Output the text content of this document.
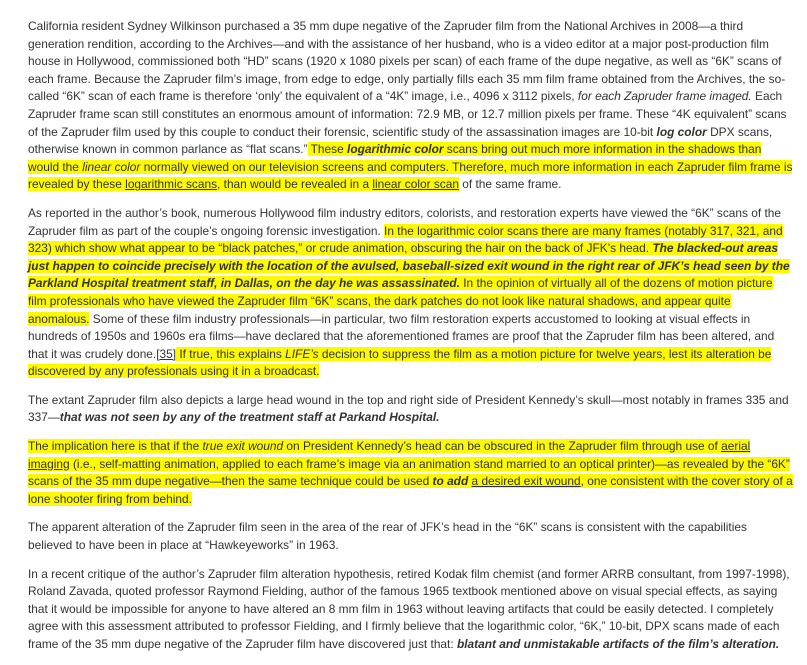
California resident Sydney Wilkinson purchased a 35 mm dupe negative of the Zapruder film from the National Archives in 2008—a third generation rendition, according to the Archives—and with the assistance of her husband, who is a video editor at a major post-production film house in Hollywood, commissioned both “HD” scans (1920 x 1080 pixels per scan) of each frame of the dupe negative, as well as “6K” scans of each frame. Because the Zapruder film’s image, from edge to edge, only partially fills each 35 mm film frame obtained from the Archives, the so-called “6K” scan of each frame is therefore ‘only’ the equivalent of a “4K” image, i.e., 4096 x 3112 pixels, for each Zapruder frame imaged. Each Zapruder frame scan still constitutes an enormous amount of information: 72.9 MB, or 12.7 million pixels per frame. These “4K equivalent” scans of the Zapruder film used by this couple to conduct their forensic, scientific study of the assassination images are 10-bit log color DPX scans, otherwise known in common parlance as “flat scans.” These logarithmic color scans bring out much more information in the shadows than would the linear color normally viewed on our television screens and computers. Therefore, much more information in each Zapruder film frame is revealed by these logarithmic scans, than would be revealed in a linear color scan of the same frame.

As reported in the author’s book, numerous Hollywood film industry editors, colorists, and restoration experts have viewed the “6K” scans of the Zapruder film as part of the couple’s ongoing forensic investigation. In the logarithmic color scans there are many frames (notably 317, 321, and 323) which show what appear to be “black patches,” or crude animation, obscuring the hair on the back of JFK’s head. The blacked-out areas just happen to coincide precisely with the location of the avulsed, baseball-sized exit wound in the right rear of JFK’s head seen by the Parkland Hospital treatment staff, in Dallas, on the day he was assassinated. In the opinion of virtually all of the dozens of motion picture film professionals who have viewed the Zapruder film “6K” scans, the dark patches do not look like natural shadows, and appear quite anomalous. Some of these film industry professionals—in particular, two film restoration experts accustomed to looking at visual effects in hundreds of 1950s and 1960s era films—have declared that the aforementioned frames are proof that the Zapruder film has been altered, and that it was crudely done.[35] If true, this explains LIFE’s decision to suppress the film as a motion picture for twelve years, lest its alteration be discovered by any professionals using it in a broadcast.

The extant Zapruder film also depicts a large head wound in the top and right side of President Kennedy’s skull—most notably in frames 335 and 337—that was not seen by any of the treatment staff at Parkand Hospital.

The implication here is that if the true exit wound on President Kennedy’s head can be obscured in the Zapruder film through use of aerial imaging (i.e., self-matting animation, applied to each frame’s image via an animation stand married to an optical printer)—as revealed by the “6K” scans of the 35 mm dupe negative—then the same technique could be used to add a desired exit wound, one consistent with the cover story of a lone shooter firing from behind.

The apparent alteration of the Zapruder film seen in the area of the rear of JFK’s head in the “6K” scans is consistent with the capabilities believed to have been in place at “Hawkeyeworks” in 1963.

In a recent critique of the author’s Zapruder film alteration hypothesis, retired Kodak film chemist (and former ARRB consultant, from 1997-1998), Roland Zavada, quoted professor Raymond Fielding, author of the famous 1965 textbook mentioned above on visual special effects, as saying that it would be impossible for anyone to have altered an 8 mm film in 1963 without leaving artifacts that could be easily detected. I completely agree with this assessment attributed to professor Fielding, and I firmly believe that the logarithmic color, “6K,” 10-bit, DPX scans made of each frame of the 35 mm dupe negative of the Zapruder film have discovered just that: blatant and unmistakable artifacts of the film’s alteration.
